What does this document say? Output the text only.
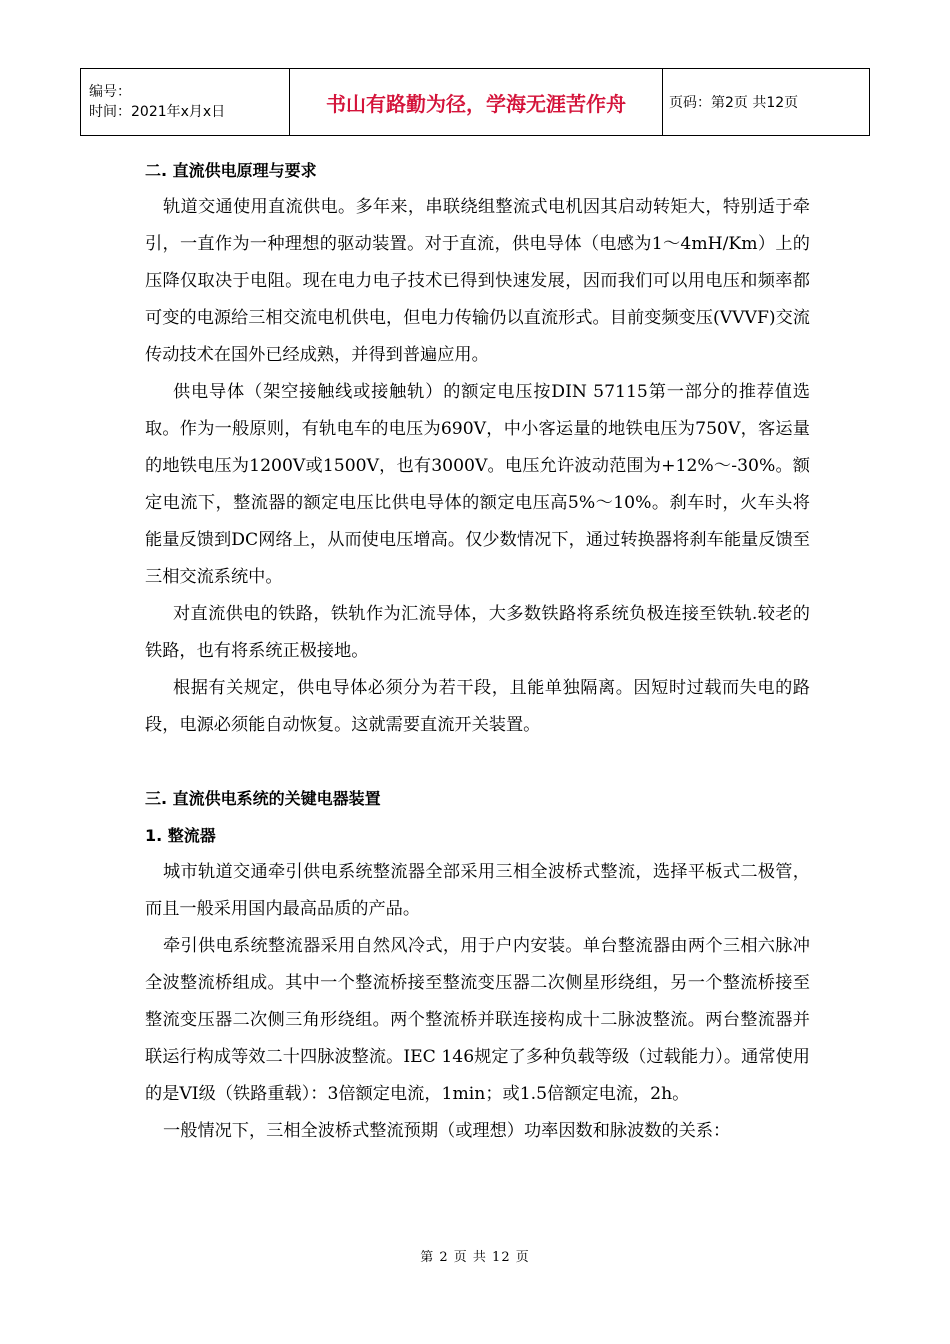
编号：
时间：2021年x月x日	书山有路勤为径，学海无涯苦作舟	页码：第2页 共12页

二. 直流供电原理与要求

轨道交通使用直流供电。多年来，串联绕组整流式电机因其启动转矩大，特别适于牵引，一直作为一种理想的驱动装置。对于直流，供电导体（电感为1～4mH/Km）上的压降仅取决于电阻。现在电力电子技术已得到快速发展，因而我们可以用电压和频率都可变的电源给三相交流电机供电，但电力传输仍以直流形式。目前变频变压(VVVF)交流传动技术在国外已经成熟，并得到普遍应用。

供电导体（架空接触线或接触轨）的额定电压按DIN 57115第一部分的推荐值选取。作为一般原则，有轨电车的电压为690V，中小客运量的地铁电压为750V，客运量的地铁电压为1200V或1500V，也有3000V。电压允许波动范围为+12%～-30%。额定电流下，整流器的额定电压比供电导体的额定电压高5%～10%。刹车时，火车头将能量反馈到DC网络上，从而使电压增高。仅少数情况下，通过转换器将刹车能量反馈至三相交流系统中。

对直流供电的铁路，铁轨作为汇流导体，大多数铁路将系统负极连接至铁轨.较老的铁路，也有将系统正极接地。

根据有关规定，供电导体必须分为若干段，且能单独隔离。因短时过载而失电的路段，电源必须能自动恢复。这就需要直流开关装置。

三. 直流供电系统的关键电器装置

1. 整流器

城市轨道交通牵引供电系统整流器全部采用三相全波桥式整流，选择平板式二极管，而且一般采用国内最高品质的产品。

牵引供电系统整流器采用自然风冷式，用于户内安装。单台整流器由两个三相六脉冲全波整流桥组成。其中一个整流桥接至整流变压器二次侧星形绕组，另一个整流桥接至整流变压器二次侧三角形绕组。两个整流桥并联连接构成十二脉波整流。两台整流器并联运行构成等效二十四脉波整流。IEC 146规定了多种负载等级（过载能力）。通常使用的是VI级（铁路重载）：3倍额定电流，1min；或1.5倍额定电流，2h。

一般情况下，三相全波桥式整流预期（或理想）功率因数和脉波数的关系：

第 2 页 共 12 页
